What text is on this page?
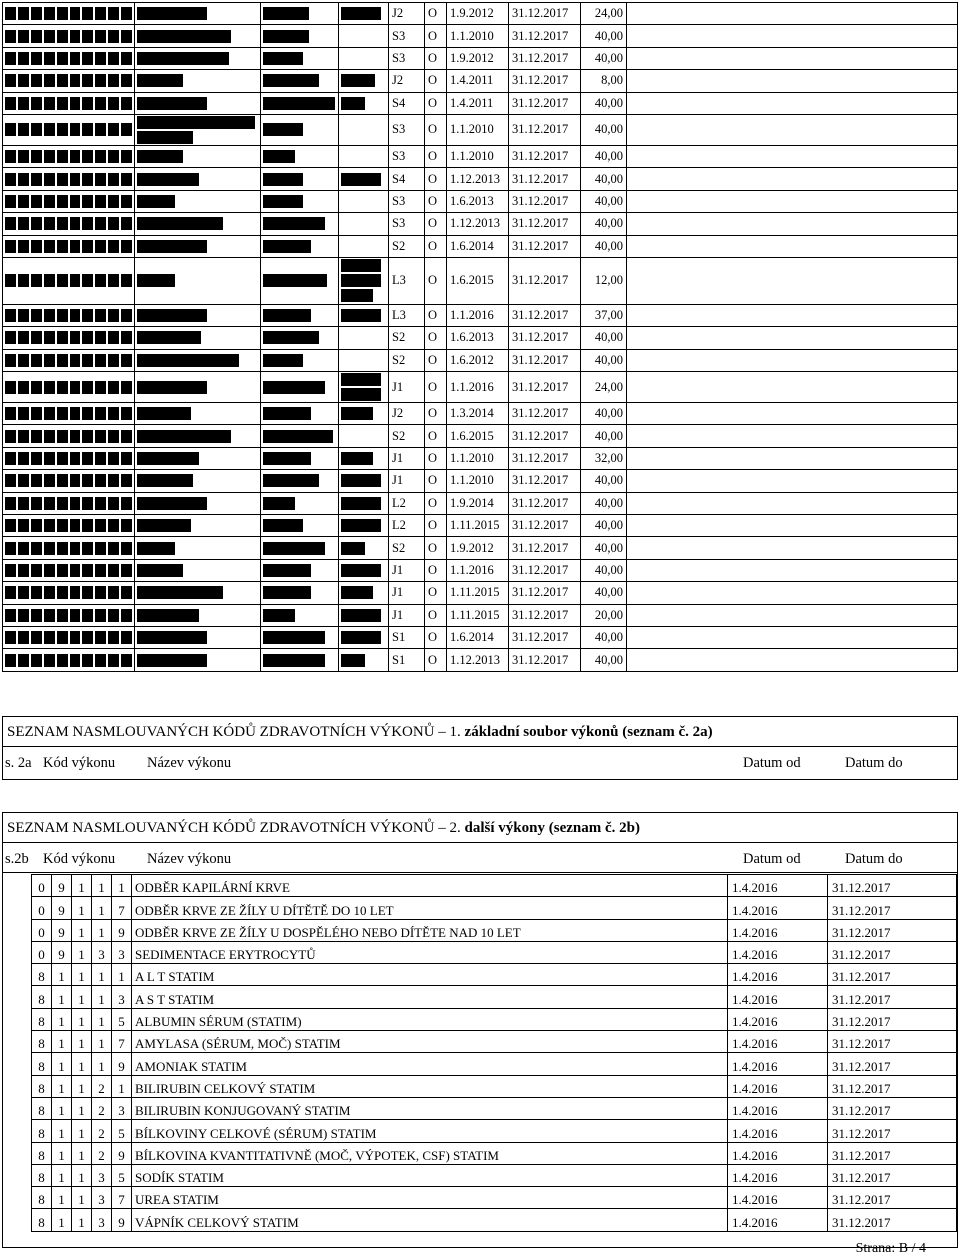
	J2	O	1.9.2012	31.12.2017	24,00	

	S3	O	1.1.2010	31.12.2017	40,00	

	S3	O	1.9.2012	31.12.2017	40,00	

	J2	O	1.4.2011	31.12.2017	8,00	

	S4	O	1.4.2011	31.12.2017	40,00	

	S3	O	1.1.2010	31.12.2017	40,00	

	S3	O	1.1.2010	31.12.2017	40,00	

	S4	O	1.12.2013	31.12.2017	40,00	

	S3	O	1.6.2013	31.12.2017	40,00	

	S3	O	1.12.2013	31.12.2017	40,00	

	S2	O	1.6.2014	31.12.2017	40,00	

	L3	O	1.6.2015	31.12.2017	12,00	

	L3	O	1.1.2016	31.12.2017	37,00	

	S2	O	1.6.2013	31.12.2017	40,00	

	S2	O	1.6.2012	31.12.2017	40,00	

	J1	O	1.1.2016	31.12.2017	24,00	

	J2	O	1.3.2014	31.12.2017	40,00	

	S2	O	1.6.2015	31.12.2017	40,00	

	J1	O	1.1.2010	31.12.2017	32,00	

	J1	O	1.1.2010	31.12.2017	40,00	

	L2	O	1.9.2014	31.12.2017	40,00	

	L2	O	1.11.2015	31.12.2017	40,00	

	S2	O	1.9.2012	31.12.2017	40,00	

	J1	O	1.1.2016	31.12.2017	40,00	

	J1	O	1.11.2015	31.12.2017	40,00	

	J1	O	1.11.2015	31.12.2017	20,00	

	S1	O	1.6.2014	31.12.2017	40,00	

	S1	O	1.12.2013	31.12.2017	40,00	
SEZNAM NASMLOUVANÝCH KÓDŮ ZDRAVOTNÍCH VÝKONŮ – 1.
základní soubor výkonů (seznam č. 2a)
s. 2a Kód výkonu Název výkonu	Datum od	Datum do
SEZNAM NASMLOUVANÝCH KÓDŮ ZDRAVOTNÍCH VÝKONŮ – 2.
další výkony (seznam č. 2b)
s.2b Kód výkonu Název výkonu	Datum od	Datum do
0	9	1	1	1	ODBĚR KAPILÁRNÍ KRVE	1.4.2016	31.12.2017
0	9	1	1	7	ODBĚR KRVE ZE ŽÍLY U DÍTĚTĚ DO 10 LET	1.4.2016	31.12.2017
0	9	1	1	9	ODBĚR KRVE ZE ŽÍLY U DOSPĚLÉHO NEBO DÍTĚTE NAD 10 LET	1.4.2016	31.12.2017
0	9	1	3	3	SEDIMENTACE ERYTROCYTŮ	1.4.2016	31.12.2017
8	1	1	1	1	A L T STATIM	1.4.2016	31.12.2017
8	1	1	1	3	A S T STATIM	1.4.2016	31.12.2017
8	1	1	1	5	ALBUMIN SÉRUM (STATIM)	1.4.2016	31.12.2017
8	1	1	1	7	AMYLASA (SÉRUM, MOČ) STATIM	1.4.2016	31.12.2017
8	1	1	1	9	AMONIAK STATIM	1.4.2016	31.12.2017
8	1	1	2	1	BILIRUBIN CELKOVÝ STATIM	1.4.2016	31.12.2017
8	1	1	2	3	BILIRUBIN KONJUGOVANÝ STATIM	1.4.2016	31.12.2017
8	1	1	2	5	BÍLKOVINY CELKOVÉ (SÉRUM) STATIM	1.4.2016	31.12.2017
8	1	1	2	9	BÍLKOVINA KVANTITATIVNĚ (MOČ, VÝPOTEK, CSF) STATIM	1.4.2016	31.12.2017
8	1	1	3	5	SODÍK STATIM	1.4.2016	31.12.2017
8	1	1	3	7	UREA STATIM	1.4.2016	31.12.2017
8	1	1	3	9	VÁPNÍK CELKOVÝ STATIM	1.4.2016	31.12.2017
Strana: B / 4
